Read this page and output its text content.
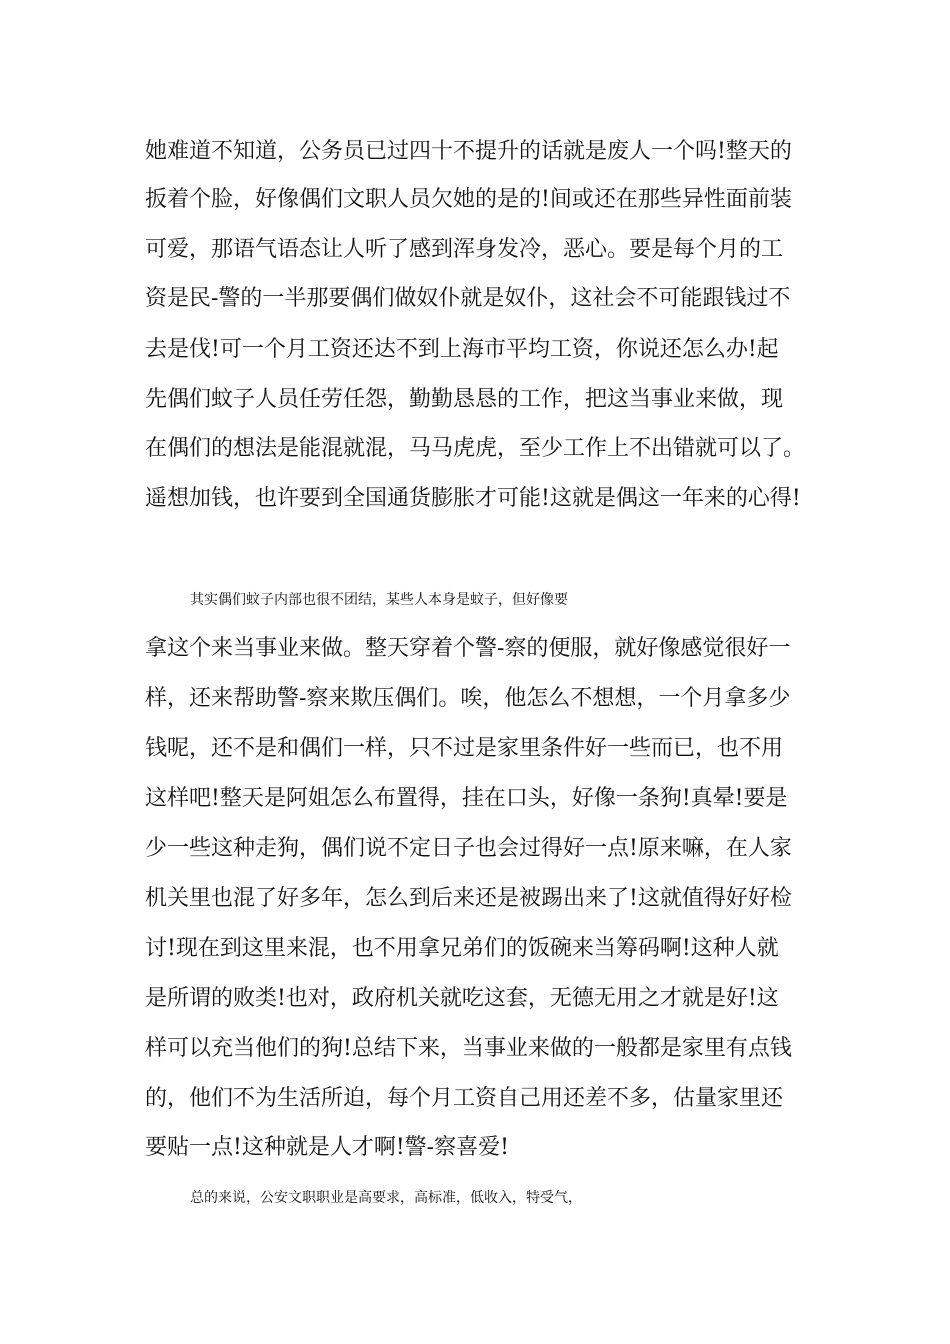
她难道不知道，公务员已过四十不提升的话就是废人一个吗!整天的
扳着个脸，好像偶们文职人员欠她的是的!间或还在那些异性面前装
可爱，那语气语态让人听了感到浑身发冷，恶心。要是每个月的工
资是民-警的一半那要偶们做奴仆就是奴仆，这社会不可能跟钱过不
去是伐!可一个月工资还达不到上海市平均工资，你说还怎么办!起
先偶们蚊子人员任劳任怨，勤勤恳恳的工作，把这当事业来做，现
在偶们的想法是能混就混，马马虎虎，至少工作上不出错就可以了。
遥想加钱，也许要到全国通货膨胀才可能!这就是偶这一年来的心得!
其实偶们蚊子内部也很不团结，某些人本身是蚊子，但好像要
拿这个来当事业来做。整天穿着个警-察的便服，就好像感觉很好一
样，还来帮助警-察来欺压偶们。唉，他怎么不想想，一个月拿多少
钱呢，还不是和偶们一样，只不过是家里条件好一些而已，也不用
这样吧!整天是阿姐怎么布置得，挂在口头，好像一条狗!真晕!要是
少一些这种走狗，偶们说不定日子也会过得好一点!原来嘛，在人家
机关里也混了好多年，怎么到后来还是被踢出来了!这就值得好好检
讨!现在到这里来混，也不用拿兄弟们的饭碗来当筹码啊!这种人就
是所谓的败类!也对，政府机关就吃这套，无德无用之才就是好!这
样可以充当他们的狗!总结下来，当事业来做的一般都是家里有点钱
的，他们不为生活所迫，每个月工资自己用还差不多，估量家里还
要贴一点!这种就是人才啊!警-察喜爱!
总的来说，公安文职职业是高要求，高标准，低收入，特受气，
